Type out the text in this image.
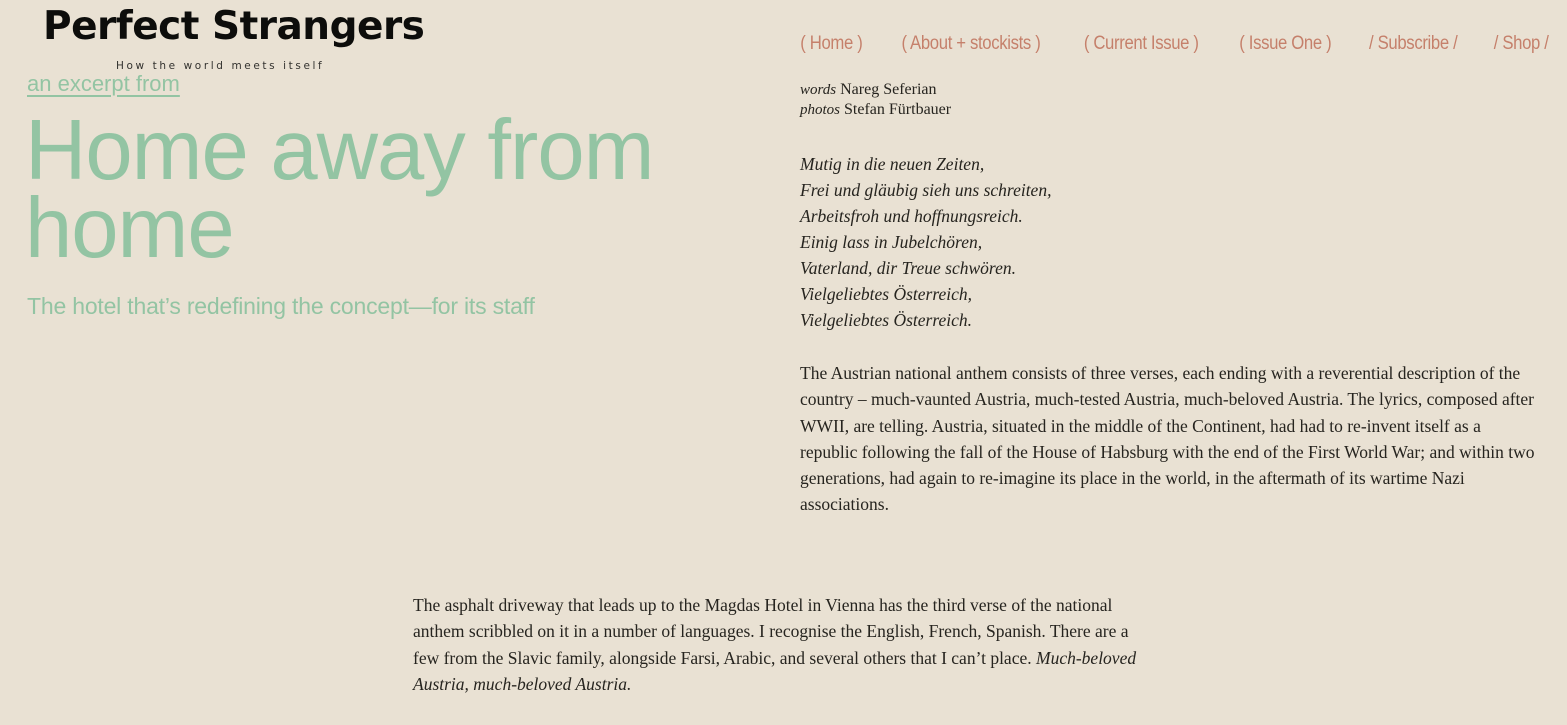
Perfect Strangers
How the world meets itself
( Home ) ( About + stockists ) ( Current Issue ) ( Issue One ) / Subscribe / / Shop /
an excerpt from
Home away from home
The hotel that’s redefining the concept—for its staff
words Nareg Seferian
photos Stefan Fürtbauer
Mutig in die neuen Zeiten,
Frei und gläubig sieh uns schreiten,
Arbeitsfroh und hoffnungsreich.
Einig lass in Jubelchören,
Vaterland, dir Treue schwören.
Vielgeliebtes Österreich,
Vielgeliebtes Österreich.

The Austrian national anthem consists of three verses, each ending with a reverential description of the country – much-vaunted Austria, much-tested Austria, much-beloved Austria. The lyrics, composed after WWII, are telling. Austria, situated in the middle of the Continent, had had to re-invent itself as a republic following the fall of the House of Habsburg with the end of the First World War; and within two generations, had again to re-imagine its place in the world, in the aftermath of its wartime Nazi associations.

The asphalt driveway that leads up to the Magdas Hotel in Vienna has the third verse of the national anthem scribbled on it in a number of languages. I recognise the English, French, Spanish. There are a few from the Slavic family, alongside Farsi, Arabic, and several others that I can’t place. Much-beloved Austria, much-beloved Austria.
